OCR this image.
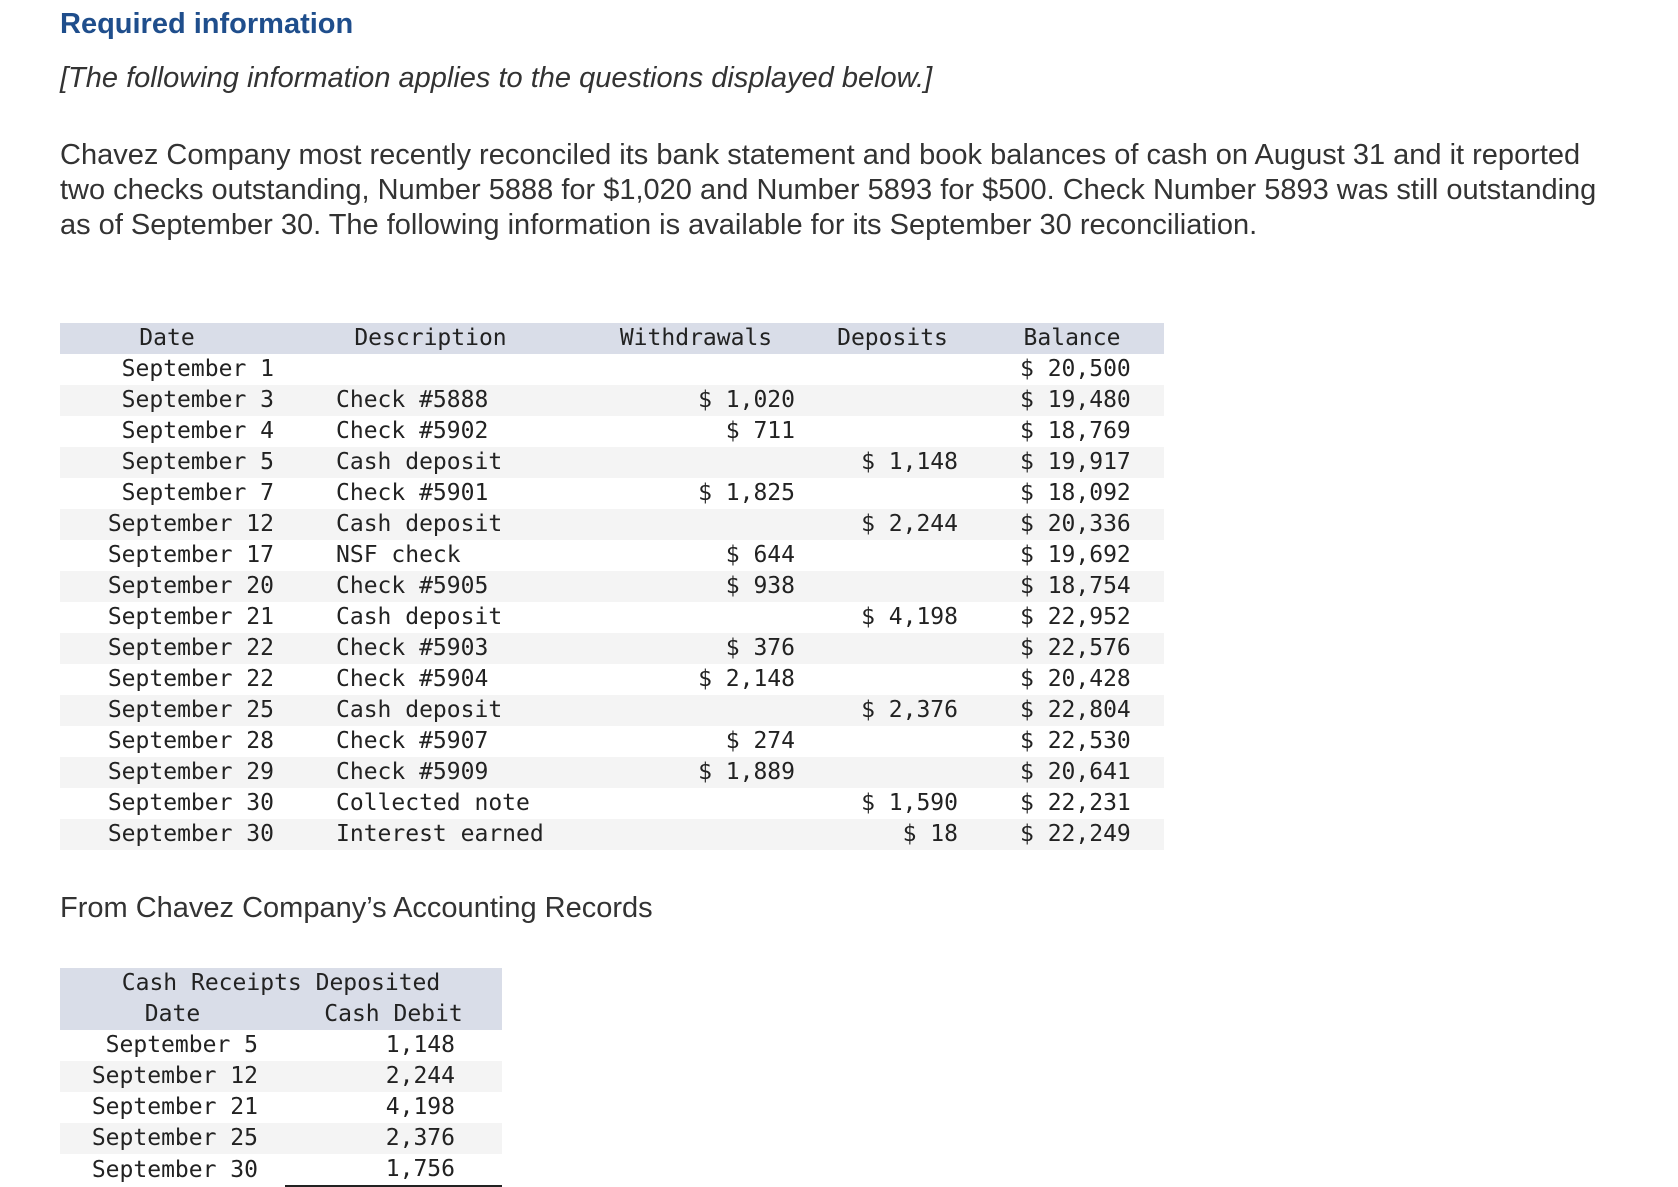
Required information
[The following information applies to the questions displayed below.]
Chavez Company most recently reconciled its bank statement and book balances of cash on August 31 and it reported two checks outstanding, Number 5888 for $1,020 and Number 5893 for $500. Check Number 5893 was still outstanding as of September 30. The following information is available for its September 30 reconciliation.
Date	Description	Withdrawals	Deposits	Balance
September 1				$ 20,500
September 3	Check #5888	$ 1,020		$ 19,480
September 4	Check #5902	$ 711		$ 18,769
September 5	Cash deposit		$ 1,148	$ 19,917
September 7	Check #5901	$ 1,825		$ 18,092
September 12	Cash deposit		$ 2,244	$ 20,336
September 17	NSF check	$ 644		$ 19,692
September 20	Check #5905	$ 938		$ 18,754
September 21	Cash deposit		$ 4,198	$ 22,952
September 22	Check #5903	$ 376		$ 22,576
September 22	Check #5904	$ 2,148		$ 20,428
September 25	Cash deposit		$ 2,376	$ 22,804
September 28	Check #5907	$ 274		$ 22,530
September 29	Check #5909	$ 1,889		$ 20,641
September 30	Collected note		$ 1,590	$ 22,231
September 30	Interest earned		$ 18	$ 22,249
From Chavez Company’s Accounting Records
Cash Receipts Deposited	
Date	Cash Debit
September 5	1,148
September 12	2,244
September 21	4,198
September 25	2,376
September 30	1,756
